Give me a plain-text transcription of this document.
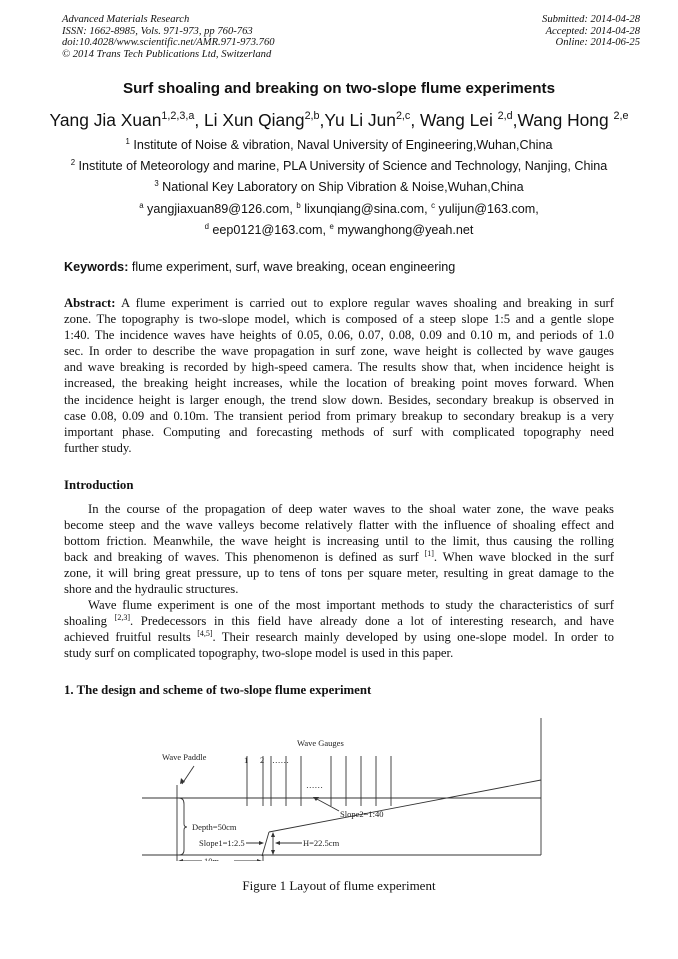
Advanced Materials Research
ISSN: 1662-8985, Vols. 971-973, pp 760-763
doi:10.4028/www.scientific.net/AMR.971-973.760
© 2014 Trans Tech Publications Ltd, Switzerland
Submitted: 2014-04-28
Accepted: 2014-04-28
Online: 2014-06-25
Surf shoaling and breaking on two-slope flume experiments
Yang Jia Xuan$^{1,2,3,a}$, Li Xun Qiang$^{2,b}$,Yu Li Jun$^{2,c}$, Wang Lei $^{2,d}$,Wang Hong $^{2,e}$
$^1$ Institute of Noise & vibration, Naval University of Engineering,Wuhan,China
$^2$ Institute of Meteorology and marine, PLA University of Science and Technology, Nanjing, China
$^3$ National Key Laboratory on Ship Vibration & Noise,Wuhan,China
$^a$ yangjiaxuan89@126.com, $^b$ lixunqiang@sina.com, $^c$ yulijun@163.com,
$^d$ eep0121@163.com, $^e$ mywanghong@yeah.net
Keywords: flume experiment, surf, wave breaking, ocean engineering
Abstract: A flume experiment is carried out to explore regular waves shoaling and breaking in surf
zone. The topography is two-slope model, which is composed of a steep slope 1:5 and a gentle slope
1:40. The incidence waves have heights of 0.05, 0.06, 0.07, 0.08, 0.09 and 0.10 m, and periods of 1.0
sec. In order to describe the wave propagation in surf zone, wave height is collected by wave gauges
and wave breaking is recorded by high-speed camera. The results show that, when incidence height is
increased, the breaking height increases, while the location of breaking point moves forward. When
the incidence height is larger enough, the trend slow down. Besides, secondary breakup is observed in
case 0.08, 0.09 and 0.10m. The transient period from primary breakup to secondary breakup is a very
important phase. Computing and forecasting methods of surf with complicated topography need
further study.
Introduction
In the course of the propagation of deep water waves to the shoal water zone, the wave peaks
become steep and the wave valleys become relatively flatter with the influence of shoaling effect and
bottom friction. Meanwhile, the wave height is increasing until to the limit, thus causing the rolling
back and breaking of waves. This phenomenon is defined as surf [1]. When wave blocked in the surf
zone, it will bring great pressure, up to tens of tons per square meter, resulting in great damage to the
shore and the hydraulic structures.
Wave flume experiment is one of the most important methods to study the characteristics of surf
shoaling [2,3]. Predecessors in this field have already done a lot of interesting research, and have
achieved fruitful results [4,5]. Their research mainly developed by using one-slope model. In order to
study surf on complicated topography, two-slope model is used in this paper.
1. The design and scheme of two-slope flume experiment
Wave Gauges
Wave Paddle	1 2 ……
……
Depth=50cm
Slope1=1:2.5	H=22.5cm
Slope2=1:40
10m
Figure 1 Layout of flume experiment
